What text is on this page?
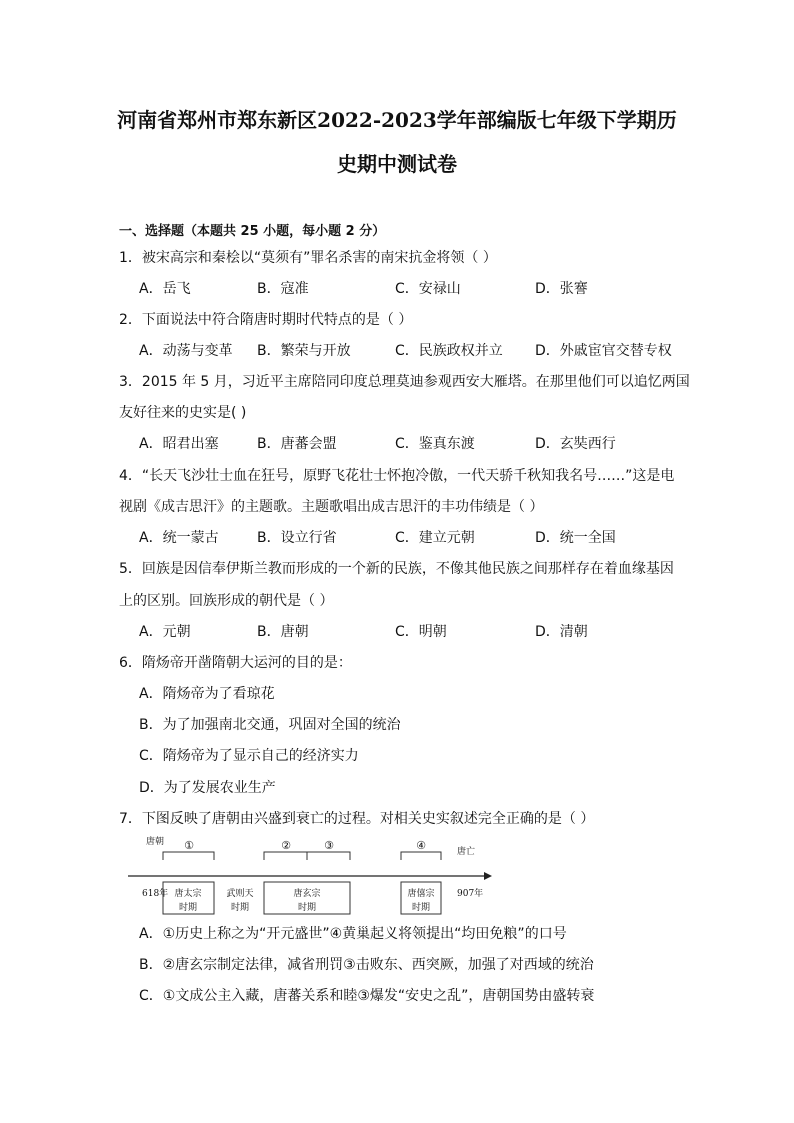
河南省郑州市郑东新区2022-2023学年部编版七年级下学期历
史期中测试卷
一、选择题（本题共 25 小题，每小题 2 分）
1．被宋高宗和秦桧以“莫须有”罪名杀害的南宋抗金将领（ ）
A．岳飞	B．寇准	C．安禄山	D．张謇
2．下面说法中符合隋唐时期时代特点的是（ ）
A．动荡与变革 B．繁荣与开放	C．民族政权并立 D．外戚宦官交替专权
3．2015 年 5 月，习近平主席陪同印度总理莫迪参观西安大雁塔。在那里他们可以追忆两国
友好往来的史实是( )
A．昭君出塞	B．唐蕃会盟	C．鉴真东渡	D．玄奘西行
4．“长天飞沙壮士血在狂号，原野飞花壮士怀抱冷傲，一代天骄千秋知我名号……”这是电
视剧《成吉思汗》的主题歌。主题歌唱出成吉思汗的丰功伟绩是（ ）
A．统一蒙古	B．设立行省	C．建立元朝	D．统一全国
5．回族是因信奉伊斯兰教而形成的一个新的民族，不像其他民族之间那样存在着血缘基因
上的区别。回族形成的朝代是（ ）
A．元朝	B．唐朝	C．明朝	D．清朝
6．隋炀帝开凿隋朝大运河的目的是：
A．隋炀帝为了看琼花
B．为了加强南北交通，巩固对全国的统治
C．隋炀帝为了显示自己的经济实力
D．为了发展农业生产
7．下图反映了唐朝由兴盛到衰亡的过程。对相关史实叙述完全正确的是（ ）
唐朝
唐亡
①	②	③	④
618年	907年
唐太宗
时期
武则天
时期
唐玄宗
时期
唐僖宗
时期
A．①历史上称之为“开元盛世”④黄巢起义将领提出“均田免粮”的口号
B．②唐玄宗制定法律，减省刑罚③击败东、西突厥，加强了对西域的统治
C．①文成公主入藏，唐蕃关系和睦③爆发“安史之乱”，唐朝国势由盛转衰
